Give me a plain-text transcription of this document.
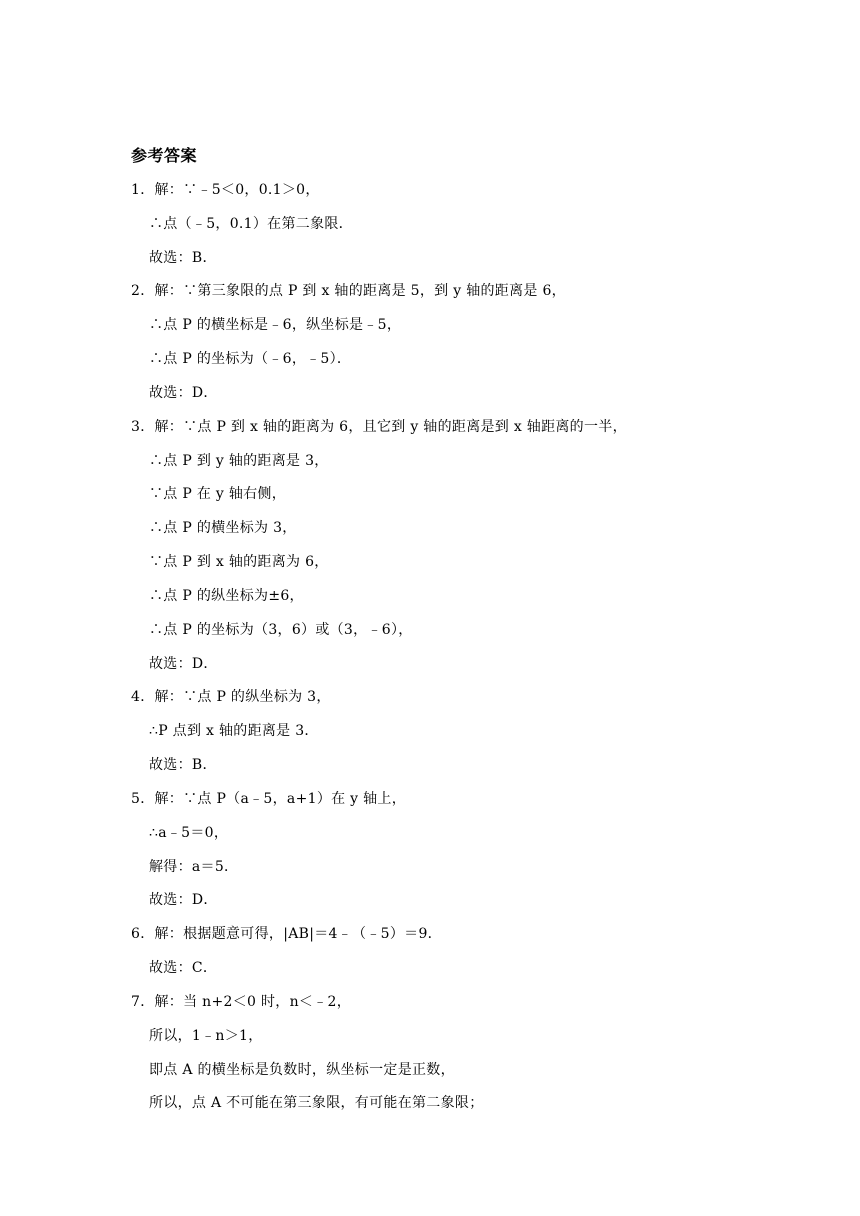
参考答案
1．解：∵﹣5＜0，0.1＞0，
∴点（﹣5，0.1）在第二象限．
故选：B．
2．解：∵第三象限的点 P 到 x 轴的距离是 5，到 y 轴的距离是 6，
∴点 P 的横坐标是﹣6，纵坐标是﹣5，
∴点 P 的坐标为（﹣6，﹣5）．
故选：D．
3．解：∵点 P 到 x 轴的距离为 6，且它到 y 轴的距离是到 x 轴距离的一半，
∴点 P 到 y 轴的距离是 3，
∵点 P 在 y 轴右侧，
∴点 P 的横坐标为 3，
∵点 P 到 x 轴的距离为 6，
∴点 P 的纵坐标为±6，
∴点 P 的坐标为（3，6）或（3，﹣6），
故选：D．
4．解：∵点 P 的纵坐标为 3，
∴P 点到 x 轴的距离是 3．
故选：B．
5．解：∵点 P（a﹣5，a+1）在 y 轴上，
∴a﹣5＝0，
解得：a＝5．
故选：D．
6．解：根据题意可得，|AB|＝4﹣（﹣5）＝9．
故选：C．
7．解：当 n+2＜0 时，n＜﹣2，
所以，1﹣n＞1，
即点 A 的横坐标是负数时，纵坐标一定是正数，
所以，点 A 不可能在第三象限，有可能在第二象限；
